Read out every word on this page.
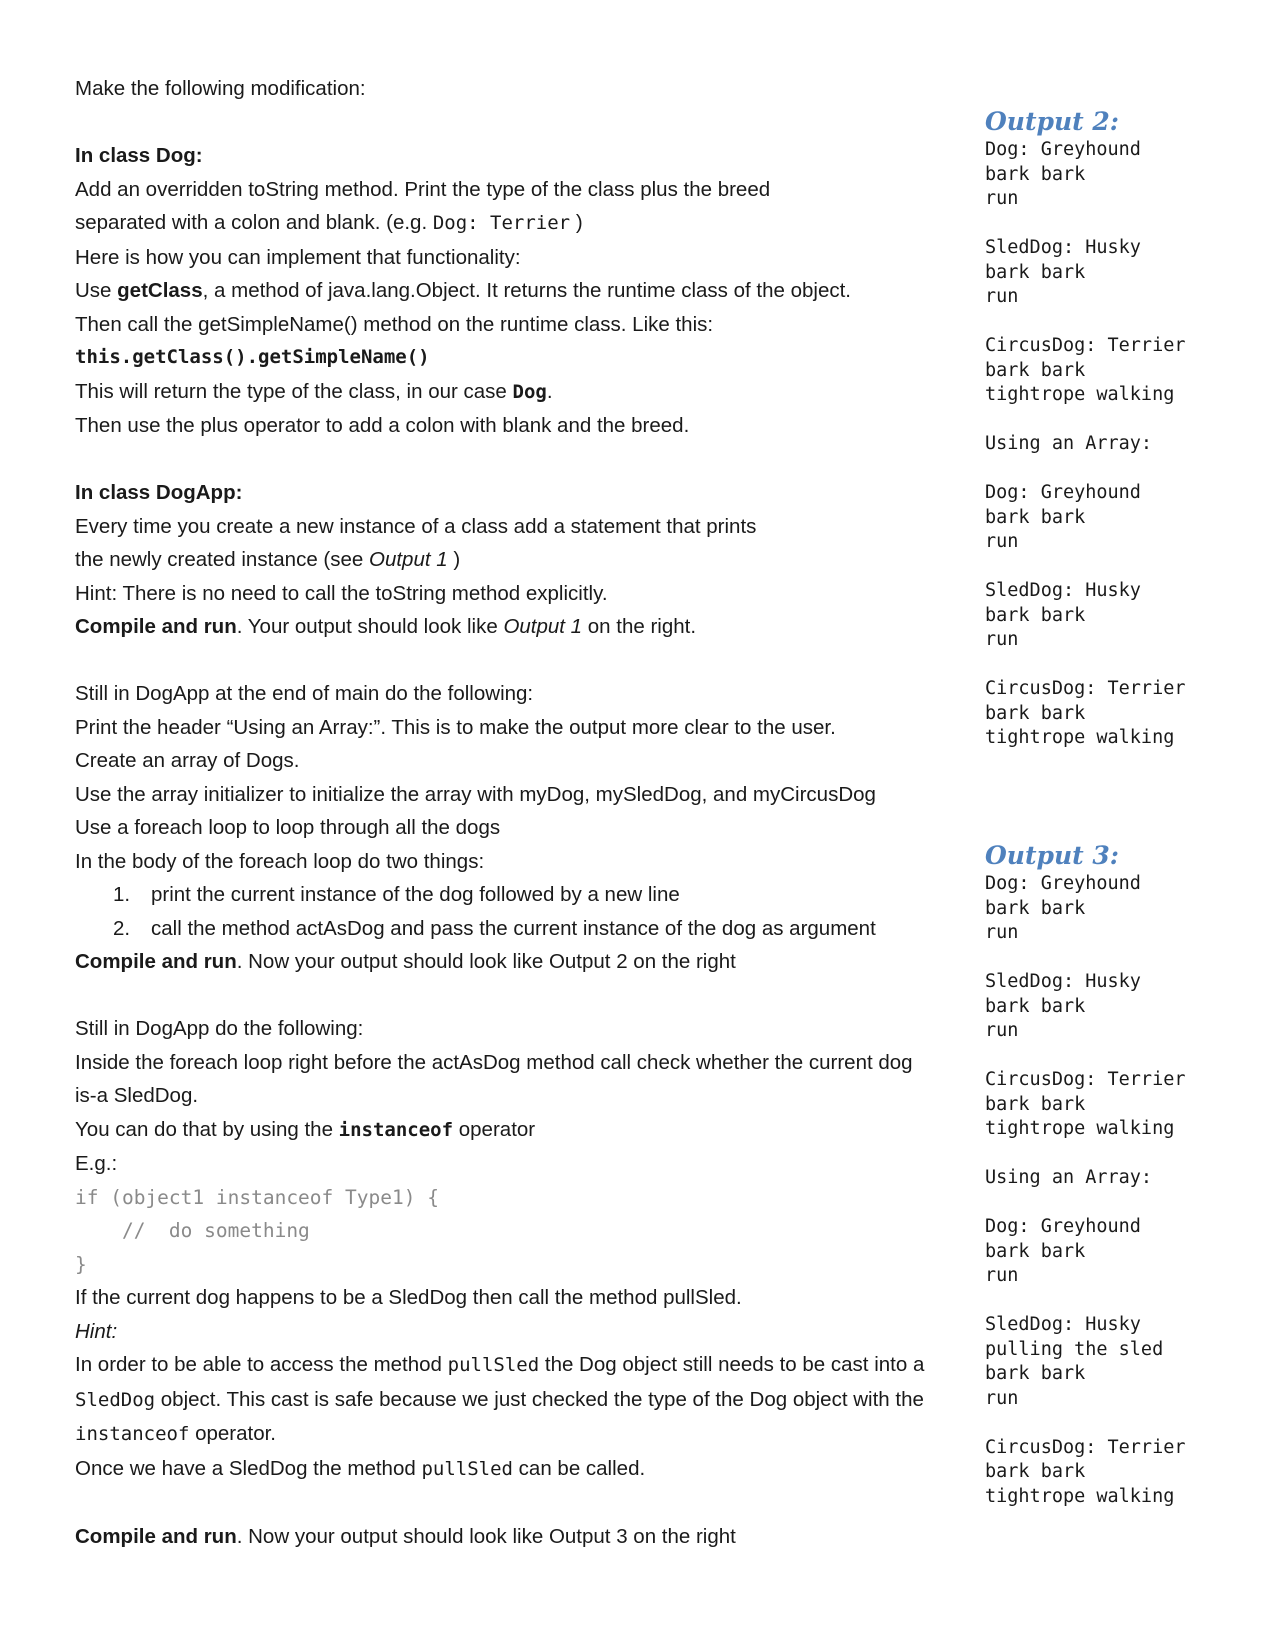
Make the following modification:

In class Dog:

Add an overridden toString method. Print the type of the class plus the breed

separated with a colon and blank. (e.g. Dog: Terrier )

Here is how you can implement that functionality:

Use getClass, a method of java.lang.Object. It returns the runtime class of the object.

Then call the getSimpleName() method on the runtime class. Like this:

this.getClass().getSimpleName()

This will return the type of the class, in our case Dog.

Then use the plus operator to add a colon with blank and the breed.

In class DogApp:

Every time you create a new instance of a class add a statement that prints

the newly created instance (see Output 1 )

Hint: There is no need to call the toString method explicitly.

Compile and run. Your output should look like Output 1 on the right.

Still in DogApp at the end of main do the following:

Print the header “Using an Array:”. This is to make the output more clear to the user.

Create an array of Dogs.

Use the array initializer to initialize the array with myDog, mySledDog, and myCircusDog

Use a foreach loop to loop through all the dogs

In the body of the foreach loop do two things:

1. print the current instance of the dog followed by a new line
2. call the method actAsDog and pass the current instance of the dog as argument

Compile and run. Now your output should look like Output 2 on the right

Still in DogApp do the following:

Inside the foreach loop right before the actAsDog method call check whether the current dog

is-a SledDog.

You can do that by using the instanceof operator

E.g.:

if (object1 instanceof Type1) {

//  do something

}

If the current dog happens to be a SledDog then call the method pullSled.

Hint:

In order to be able to access the method pullSled the Dog object still needs to be cast into a

SledDog object. This cast is safe because we just checked the type of the Dog object with the

instanceof operator.

Once we have a SledDog the method pullSled can be called.

Compile and run. Now your output should look like Output 3 on the right

Output 2:

Dog: Greyhound

bark bark

run

SledDog: Husky

bark bark

run

CircusDog: Terrier

bark bark

tightrope walking

Using an Array:

Dog: Greyhound

bark bark

run

SledDog: Husky

bark bark

run

CircusDog: Terrier

bark bark

tightrope walking

Output 3:

Dog: Greyhound

bark bark

run

SledDog: Husky

bark bark

run

CircusDog: Terrier

bark bark

tightrope walking

Using an Array:

Dog: Greyhound

bark bark

run

SledDog: Husky

pulling the sled

bark bark

run

CircusDog: Terrier

bark bark

tightrope walking
